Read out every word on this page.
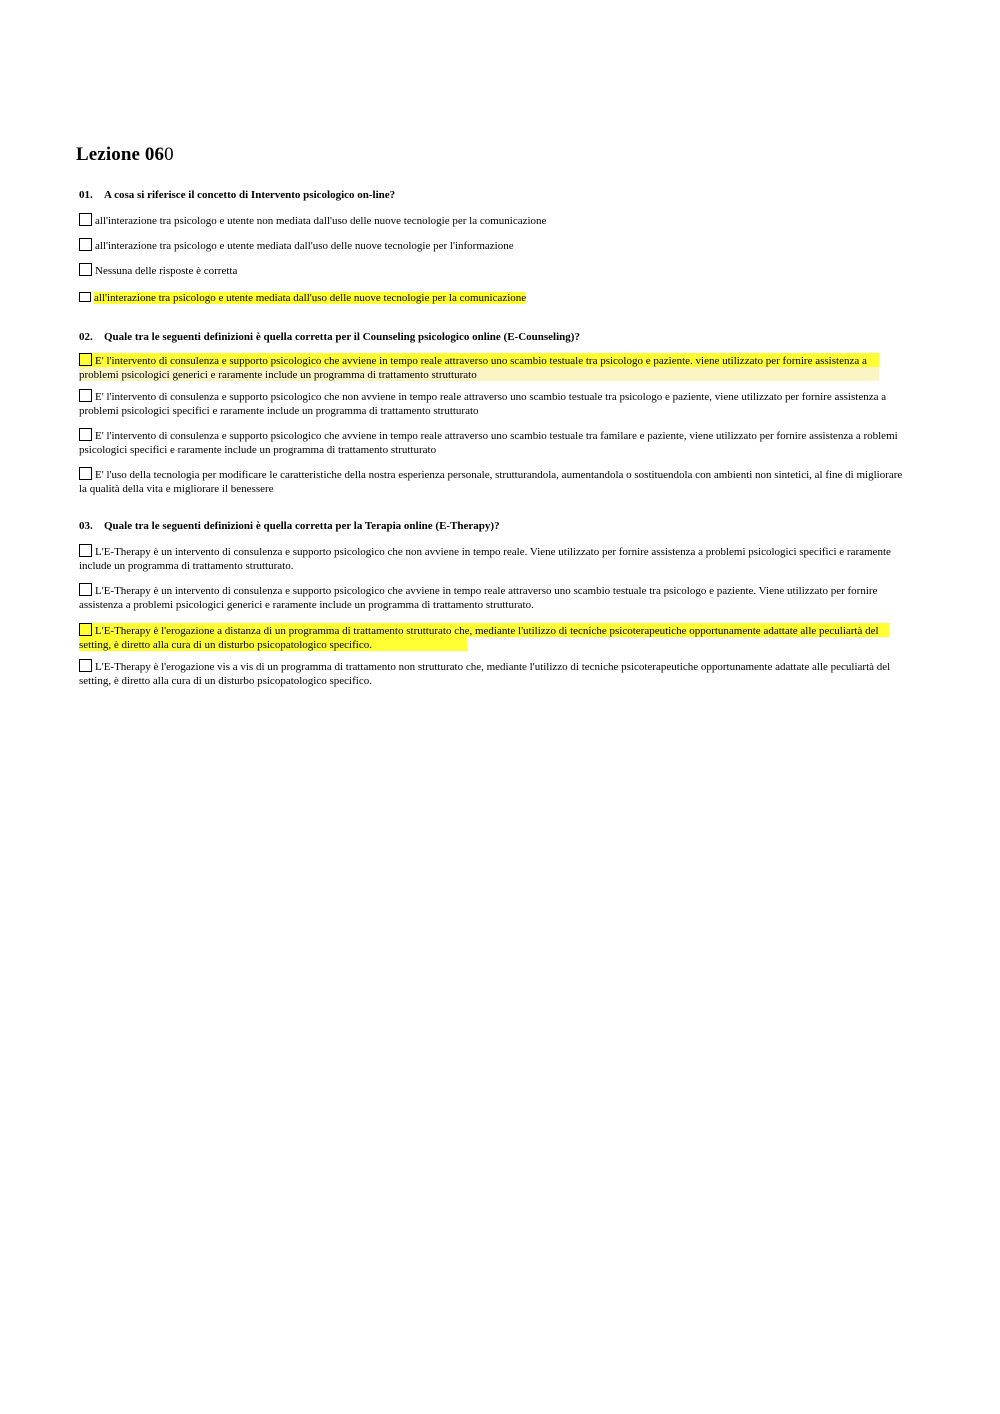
Lezione 060
01. A cosa si riferisce il concetto di Intervento psicologico on-line?
all'interazione tra psicologo e utente non mediata dall'uso delle nuove tecnologie per la comunicazione
all'interazione tra psicologo e utente mediata dall'uso delle nuove tecnologie per l'informazione
Nessuna delle risposte è corretta
all'interazione tra psicologo e utente mediata dall'uso delle nuove tecnologie per la comunicazione
02. Quale tra le seguenti definizioni è quella corretta per il Counseling psicologico online (E-Counseling)?
E' l'intervento di consulenza e supporto psicologico che avviene in tempo reale attraverso uno scambio testuale tra psicologo e paziente. viene utilizzato per fornire assistenza a problemi psicologici generici e raramente include un programma di trattamento strutturato
E' l'intervento di consulenza e supporto psicologico che non avviene in tempo reale attraverso uno scambio testuale tra psicologo e paziente, viene utilizzato per fornire assistenza a problemi psicologici specifici e raramente include un programma di trattamento strutturato
E' l'intervento di consulenza e supporto psicologico che avviene in tempo reale attraverso uno scambio testuale tra familare e paziente, viene utilizzato per fornire assistenza a roblemi psicologici specifici e raramente include un programma di trattamento strutturato
E' l'uso della tecnologia per modificare le caratteristiche della nostra esperienza personale, strutturandola, aumentandola o sostituendola con ambienti non sintetici, al fine di migliorare la qualità della vita e migliorare il benessere
03. Quale tra le seguenti definizioni è quella corretta per la Terapia online (E-Therapy)?
L'E-Therapy è un intervento di consulenza e supporto psicologico che non avviene in tempo reale. Viene utilizzato per fornire assistenza a problemi psicologici specifici e raramente include un programma di trattamento strutturato.
L'E-Therapy è un intervento di consulenza e supporto psicologico che avviene in tempo reale attraverso uno scambio testuale tra psicologo e paziente. Viene utilizzato per fornire assistenza a problemi psicologici generici e raramente include un programma di trattamento strutturato.
L'E-Therapy è l'erogazione a distanza di un programma di trattamento strutturato che, mediante l'utilizzo di tecniche psicoterapeutiche opportunamente adattate alle peculiartà del setting, è diretto alla cura di un disturbo psicopatologico specifico.
L'E-Therapy è l'erogazione vis a vis di un programma di trattamento non strutturato che, mediante l'utilizzo di tecniche psicoterapeutiche opportunamente adattate alle peculiartà del setting, è diretto alla cura di un disturbo psicopatologico specifico.
